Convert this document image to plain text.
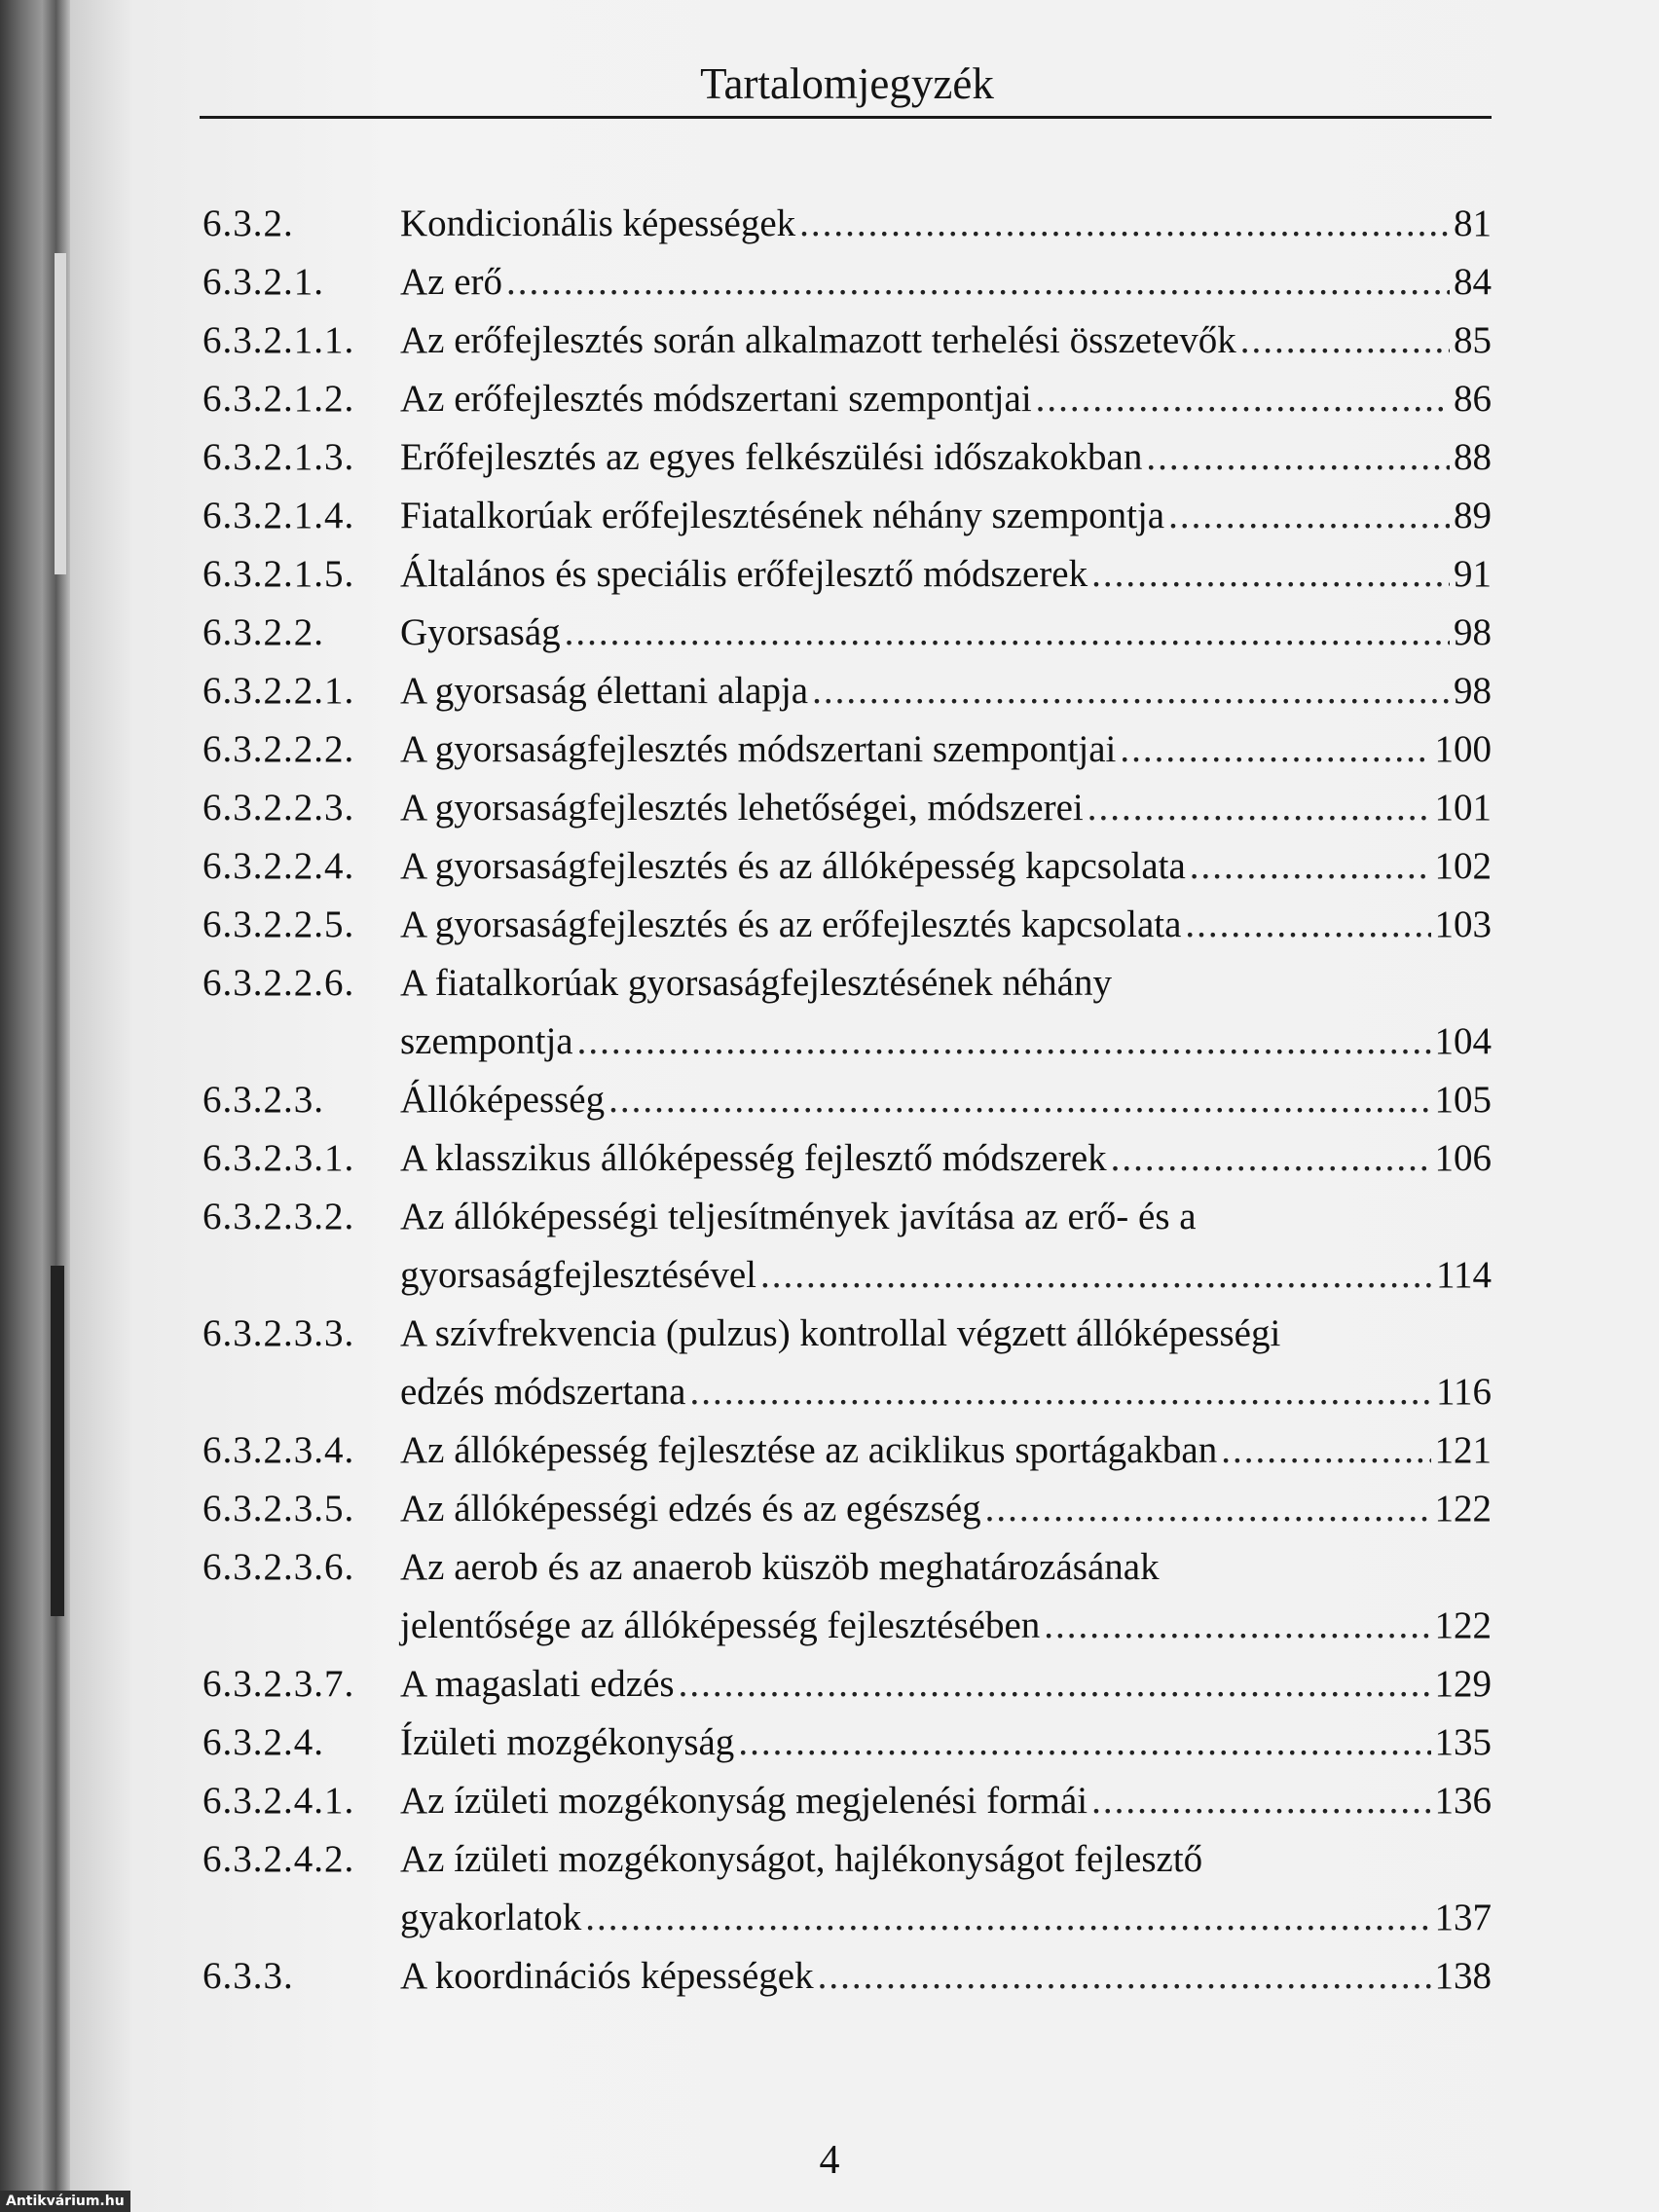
Tartalomjegyzék
6.3.2.	Kondicionális képességek .....	81
6.3.2.1.	Az erő .....	84
6.3.2.1.1.	Az erőfejlesztés során alkalmazott terhelési összetevők .....	85
6.3.2.1.2.	Az erőfejlesztés módszertani szempontjai .....	86
6.3.2.1.3.	Erőfejlesztés az egyes felkészülési időszakokban .....	88
6.3.2.1.4.	Fiatalkorúak erőfejlesztésének néhány szempontja .....	89
6.3.2.1.5.	Általános és speciális erőfejlesztő módszerek .....	91
6.3.2.2.	Gyorsaság .....	98
6.3.2.2.1.	A gyorsaság élettani alapja .....	98
6.3.2.2.2.	A gyorsaságfejlesztés módszertani szempontjai .....	100
6.3.2.2.3.	A gyorsaságfejlesztés lehetőségei, módszerei .....	101
6.3.2.2.4.	A gyorsaságfejlesztés és az állóképesség kapcsolata .....	102
6.3.2.2.5.	A gyorsaságfejlesztés és az erőfejlesztés kapcsolata .....	103
6.3.2.2.6.	A fiatalkorúak gyorsaságfejlesztésének néhány
szempontja .....	104
6.3.2.3.	Állóképesség .....	105
6.3.2.3.1.	A klasszikus állóképesség fejlesztő módszerek .....	106
6.3.2.3.2.	Az állóképességi teljesítmények javítása az erő- és a
gyorsaságfejlesztésével .....	114
6.3.2.3.3.	A szívfrekvencia (pulzus) kontrollal végzett állóképességi
edzés módszertana .....	116
6.3.2.3.4.	Az állóképesség fejlesztése az aciklikus sportágakban .....	121
6.3.2.3.5.	Az állóképességi edzés és az egészség .....	122
6.3.2.3.6.	Az aerob és az anaerob küszöb meghatározásának
jelentősége az állóképesség fejlesztésében .....	122
6.3.2.3.7.	A magaslati edzés .....	129
6.3.2.4.	Ízületi mozgékonyság .....	135
6.3.2.4.1.	Az ízületi mozgékonyság megjelenési formái .....	136
6.3.2.4.2.	Az ízületi mozgékonyságot, hajlékonyságot fejlesztő
gyakorlatok .....	137
6.3.3.	A koordinációs képességek .....	138
4
Antikvárium.hu
